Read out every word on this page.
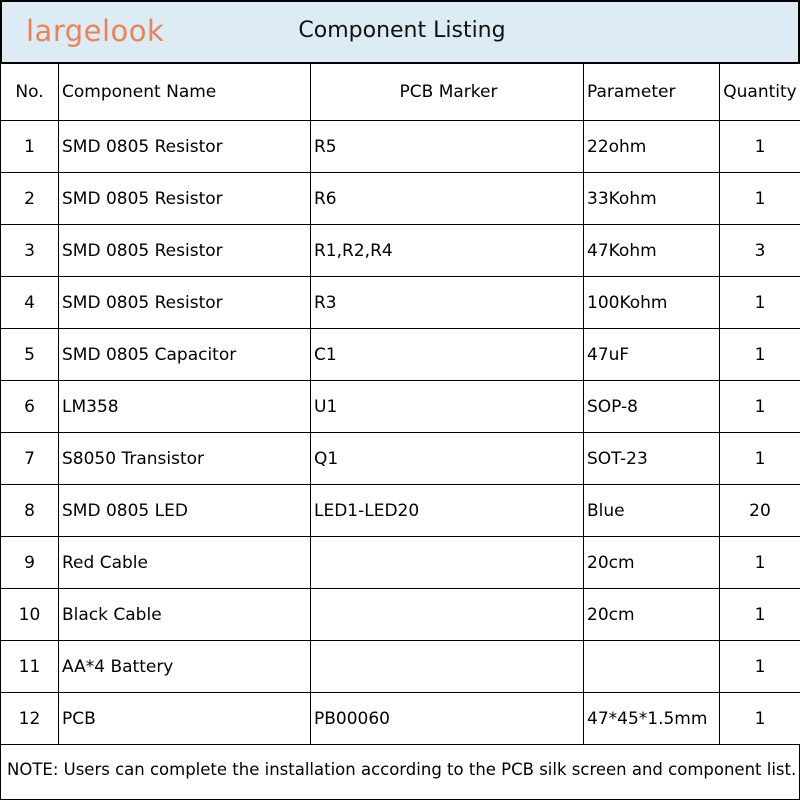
largelook	Component Listing
No.	Component Name	PCB Marker	Parameter	Quantity
1	SMD 0805 Resistor	R5	22ohm	1
2	SMD 0805 Resistor	R6	33Kohm	1
3	SMD 0805 Resistor	R1,R2,R4	47Kohm	3
4	SMD 0805 Resistor	R3	100Kohm	1
5	SMD 0805 Capacitor	C1	47uF	1
6	LM358	U1	SOP-8	1
7	S8050 Transistor	Q1	SOT-23	1
8	SMD 0805 LED	LED1-LED20	Blue	20
9	Red Cable		20cm	1
10	Black Cable		20cm	1
11	AA*4 Battery			1
12	PCB	PB00060	47*45*1.5mm	1
NOTE: Users can complete the installation according to the PCB silk screen and component list.
